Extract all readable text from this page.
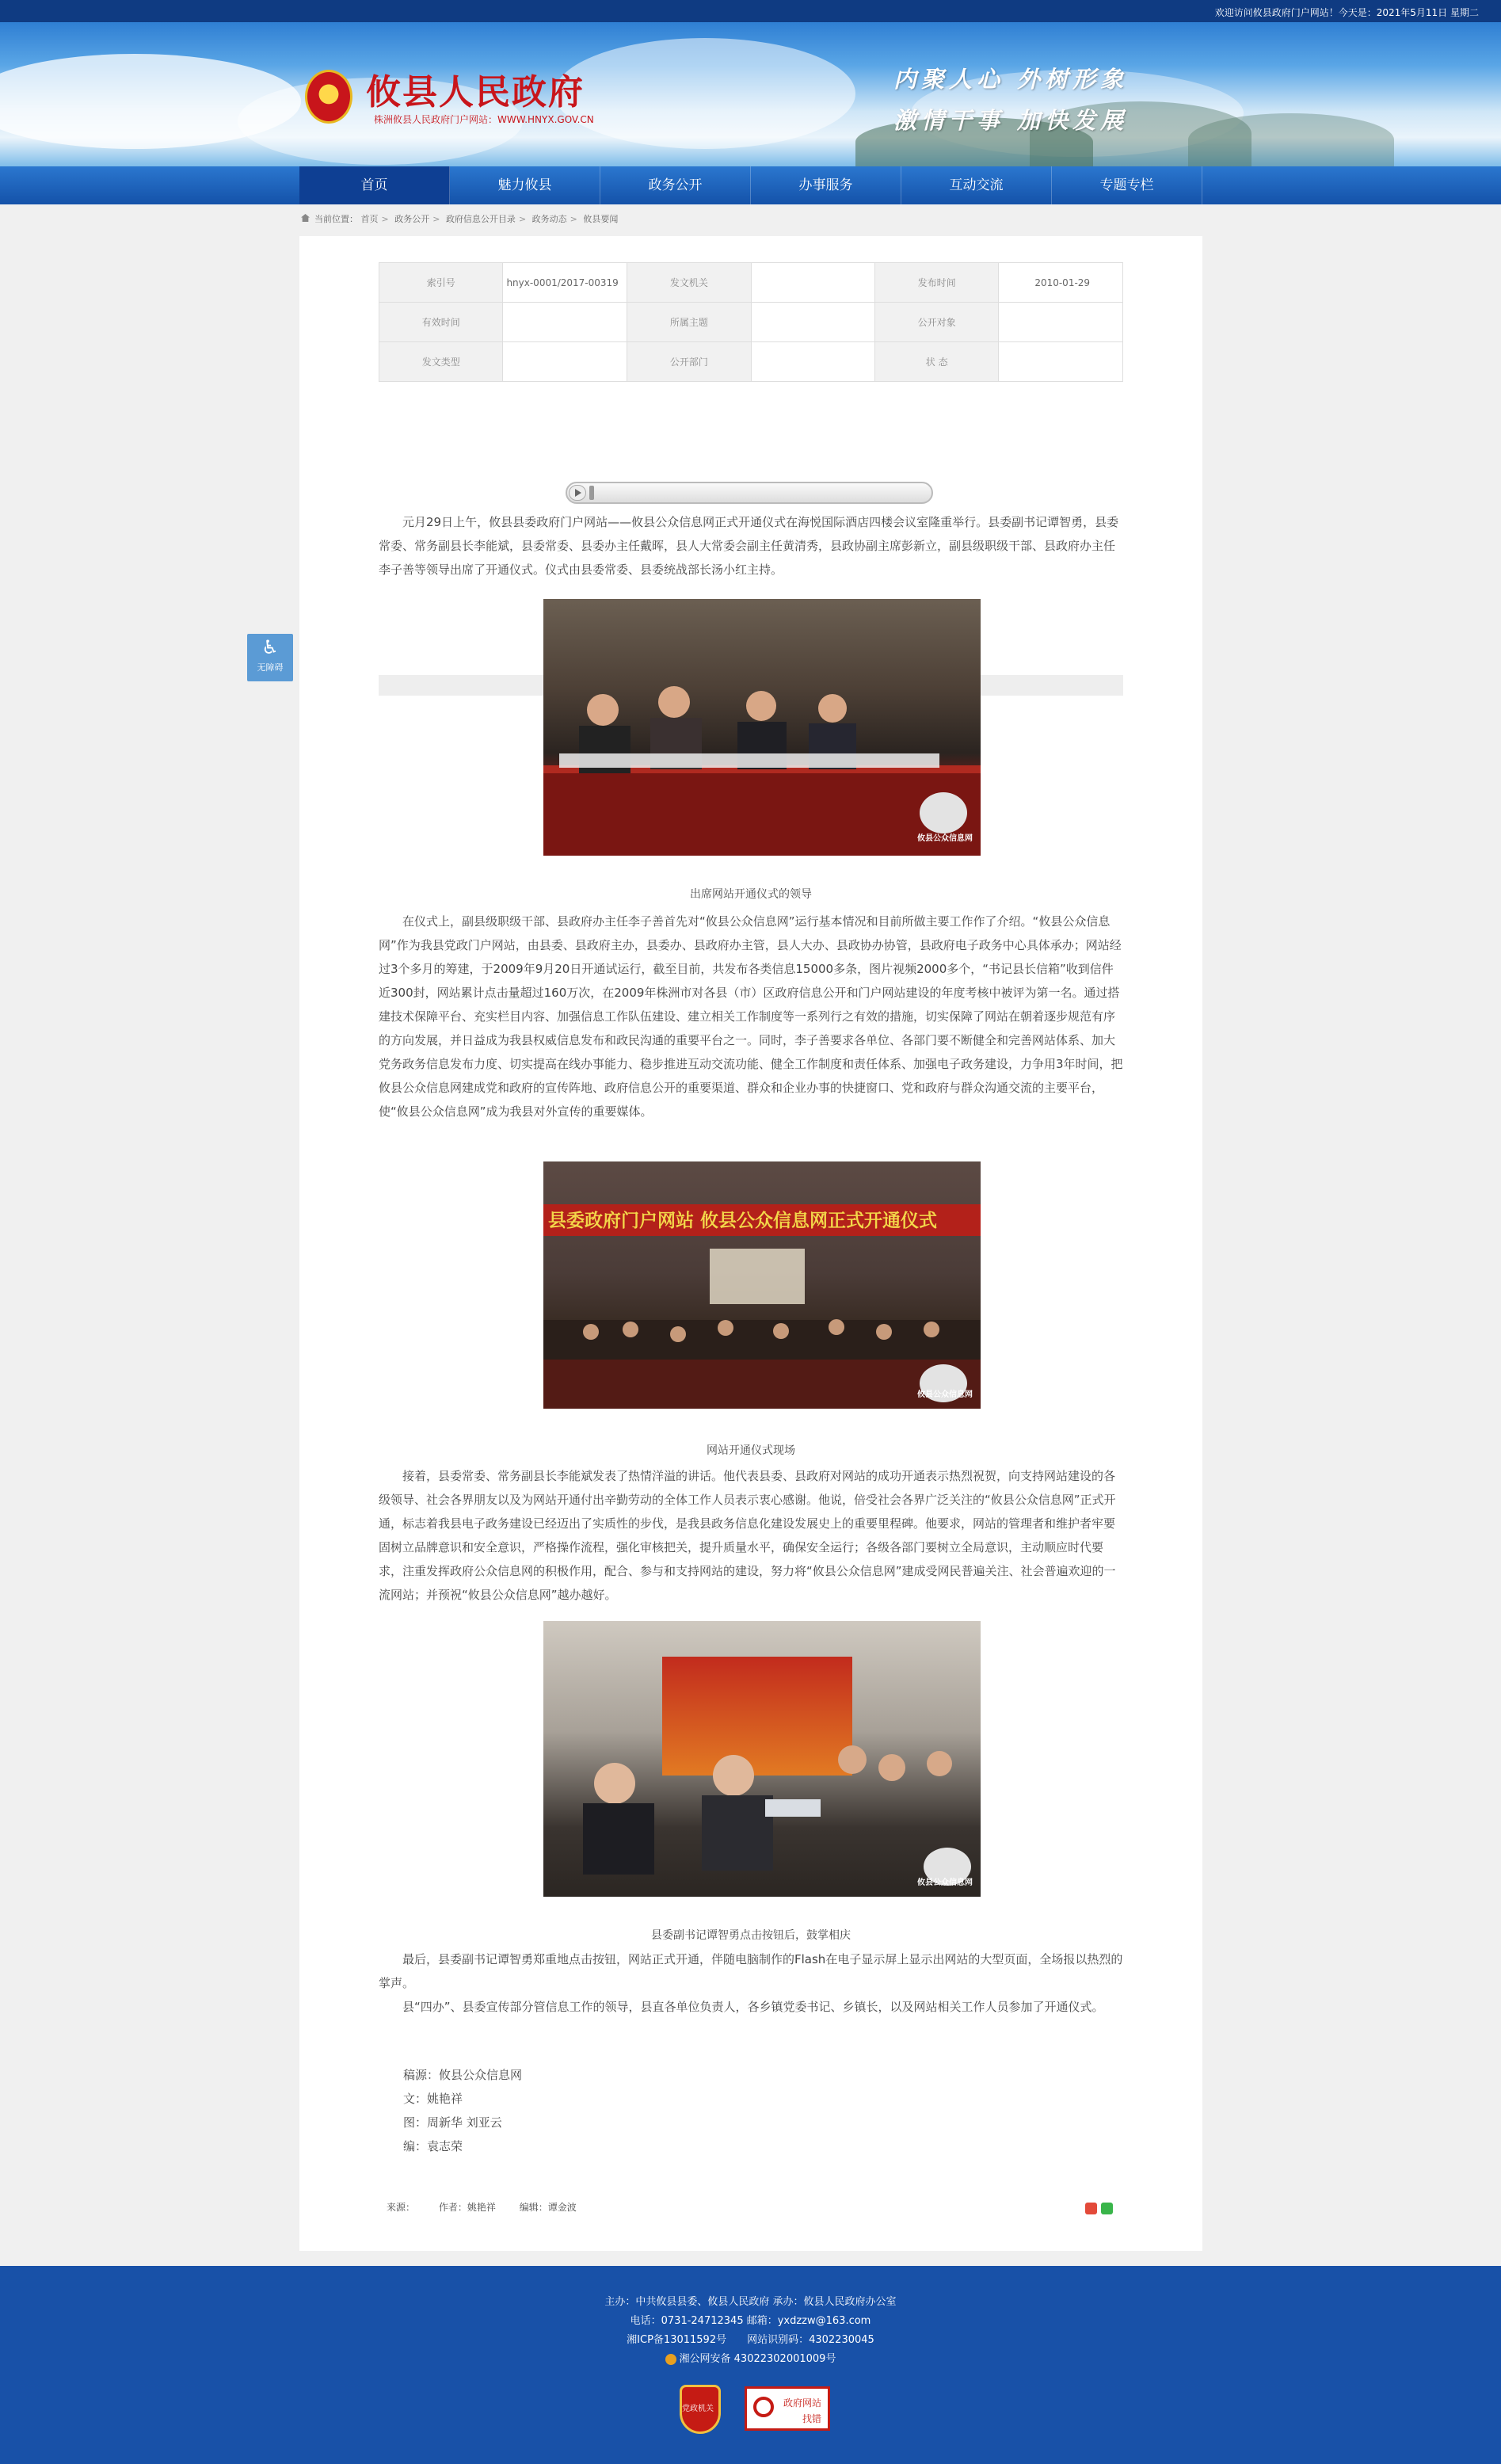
欢迎访问攸县政府门户网站！今天是：2021年5月11日 星期二
攸县人民政府
株洲攸县人民政府门户网站：WWW.HNYX.GOV.CN
内聚人心 外树形象
激情干事 加快发展
首页	魅力攸县	政务公开	办事服务	互动交流	专题专栏
当前位置： 首页 > 政务公开 > 政府信息公开目录 > 政务动态 > 攸县要闻
♿
无障碍
索引号	hnyx-0001/2017-00319	发文机关		发布时间	2010-01-29
有效时间		所属主题		公开对象	
发文类型		公开部门		状 态	
元月29日上午，攸县县委政府门户网站——攸县公众信息网正式开通仪式在海悦国际酒店四楼会议室隆重举行。县委副书记谭智勇，县委常委、常务副县长李能斌，县委常委、县委办主任戴晖，县人大常委会副主任黄清秀，县政协副主席彭新立，副县级职级干部、县政府办主任李子善等领导出席了开通仪式。仪式由县委常委、县委统战部长汤小红主持。
攸县公众信息网
出席网站开通仪式的领导
在仪式上，副县级职级干部、县政府办主任李子善首先对“攸县公众信息网”运行基本情况和目前所做主要工作作了介绍。“攸县公众信息网”作为我县党政门户网站，由县委、县政府主办，县委办、县政府办主管，县人大办、县政协办协管，县政府电子政务中心具体承办；网站经过3个多月的筹建，于2009年9月20日开通试运行，截至目前，共发布各类信息15000多条，图片视频2000多个，“书记县长信箱”收到信件近300封，网站累计点击量超过160万次，在2009年株洲市对各县（市）区政府信息公开和门户网站建设的年度考核中被评为第一名。通过搭建技术保障平台、充实栏目内容、加强信息工作队伍建设、建立相关工作制度等一系列行之有效的措施，切实保障了网站在朝着逐步规范有序的方向发展，并日益成为我县权威信息发布和政民沟通的重要平台之一。同时，李子善要求各单位、各部门要不断健全和完善网站体系、加大党务政务信息发布力度、切实提高在线办事能力、稳步推进互动交流功能、健全工作制度和责任体系、加强电子政务建设，力争用3年时间，把攸县公众信息网建成党和政府的宣传阵地、政府信息公开的重要渠道、群众和企业办事的快捷窗口、党和政府与群众沟通交流的主要平台，使“攸县公众信息网”成为我县对外宣传的重要媒体。
县委政府门户网站 攸县公众信息网正式开通仪式
攸县公众信息网
网站开通仪式现场
接着，县委常委、常务副县长李能斌发表了热情洋溢的讲话。他代表县委、县政府对网站的成功开通表示热烈祝贺，向支持网站建设的各级领导、社会各界朋友以及为网站开通付出辛勤劳动的全体工作人员表示衷心感谢。他说，倍受社会各界广泛关注的“攸县公众信息网”正式开通，标志着我县电子政务建设已经迈出了实质性的步伐，是我县政务信息化建设发展史上的重要里程碑。他要求，网站的管理者和维护者牢要固树立品牌意识和安全意识，严格操作流程，强化审核把关，提升质量水平，确保安全运行；各级各部门要树立全局意识，主动顺应时代要求，注重发挥政府公众信息网的积极作用，配合、参与和支持网站的建设，努力将“攸县公众信息网”建成受网民普遍关注、社会普遍欢迎的一流网站；并预祝“攸县公众信息网”越办越好。
攸县公众信息网
县委副书记谭智勇点击按钮后，鼓掌相庆
最后，县委副书记谭智勇郑重地点击按钮，网站正式开通，伴随电脑制作的Flash在电子显示屏上显示出网站的大型页面，全场报以热烈的掌声。
县“四办”、县委宣传部分管信息工作的领导，县直各单位负责人，各乡镇党委书记、乡镇长，以及网站相关工作人员参加了开通仪式。
稿源：攸县公众信息网
文：姚艳祥
图：周新华 刘亚云
编：袁志荣
来源： 作者：姚艳祥 编辑：谭金波

主办：中共攸县县委、攸县人民政府 承办：攸县人民政府办公室

电话：0731-24712345 邮箱：yxdzzw@163.com

湘ICP备13011592号　　网站识别码：4302230045

湘公网安备 43022302001009号

党政机关
政府网站
找错
